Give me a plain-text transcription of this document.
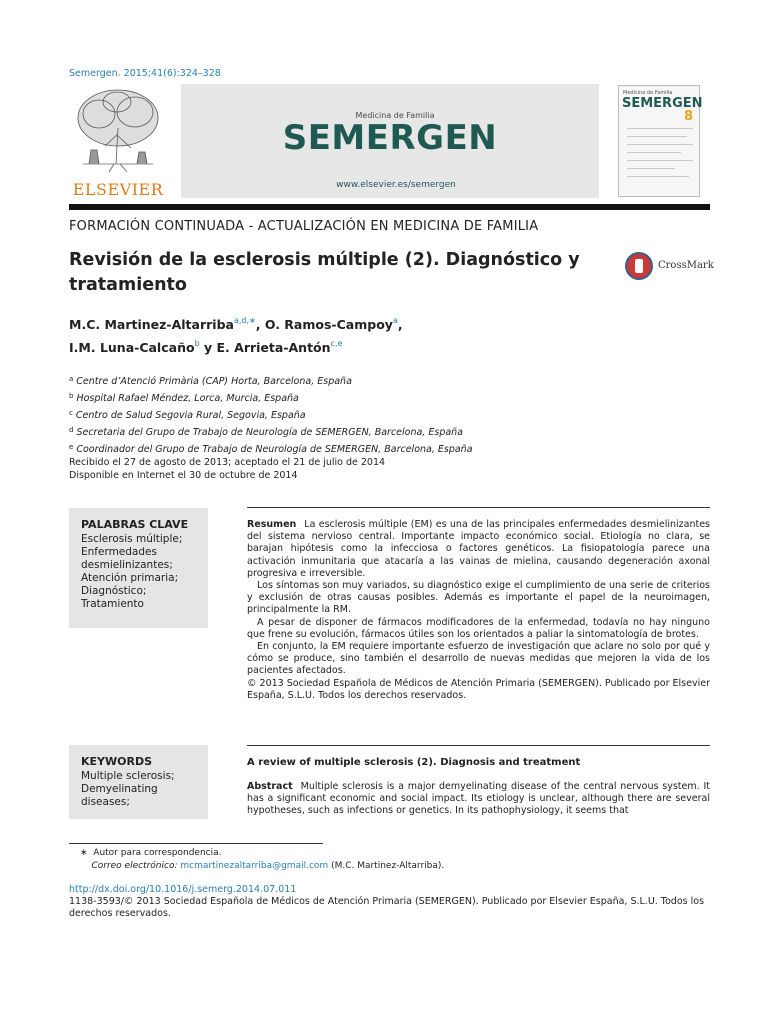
Semergen. 2015;41(6):324–328
ELSEVIER
Medicina de Familia
SEMERGEN
www.elsevier.es/semergen
Medicina de Familia
SEMERGEN
8
FORMACIÓN CONTINUADA - ACTUALIZACIÓN EN MEDICINA DE FAMILIA
Revisión de la esclerosis múltiple (2). Diagnóstico y tratamiento
CrossMark
M.C. Martinez-Altarriba$^{a,d,∗}$, O. Ramos-Campoy$^a$,
I.M. Luna-Calcaño$^b$ y E. Arrieta-Antón$^{c,e}$
$^a$ Centre d’Atenció Primària (CAP) Horta, Barcelona, España
$^b$ Hospital Rafael Méndez, Lorca, Murcia, España
$^c$ Centro de Salud Segovia Rural, Segovia, España
$^d$ Secretaria del Grupo de Trabajo de Neurología de SEMERGEN, Barcelona, España
$^e$ Coordinador del Grupo de Trabajo de Neurología de SEMERGEN, Barcelona, España
Recibido el 27 de agosto de 2013; aceptado el 21 de julio de 2014
Disponible en Internet el 30 de octubre de 2014
PALABRAS CLAVE
Esclerosis múltiple;
Enfermedades
desmielinizantes;
Atención primaria;
Diagnóstico;
Tratamiento

Resumen La esclerosis múltiple (EM) es una de las principales enfermedades desmielinizantes del sistema nervioso central. Importante impacto económico social. Etiología no clara, se barajan hipótesis como la infecciosa o factores genéticos. La fisiopatología parece una activación inmunitaria que atacaría a las vainas de mielina, causando degeneración axonal progresiva e irreversible.

Los síntomas son muy variados, su diagnóstico exige el cumplimiento de una serie de criterios y exclusión de otras causas posibles. Además es importante el papel de la neuroimagen, principalmente la RM.

A pesar de disponer de fármacos modificadores de la enfermedad, todavía no hay ninguno que frene su evolución, fármacos útiles son los orientados a paliar la sintomatología de brotes.

En conjunto, la EM requiere importante esfuerzo de investigación que aclare no solo por qué y cómo se produce, sino también el desarrollo de nuevas medidas que mejoren la vida de los pacientes afectados.

© 2013 Sociedad Española de Médicos de Atención Primaria (SEMERGEN). Publicado por Elsevier España, S.L.U. Todos los derechos reservados.

KEYWORDS
Multiple sclerosis;
Demyelinating
diseases;
A review of multiple sclerosis (2). Diagnosis and treatment

Abstract Multiple sclerosis is a major demyelinating disease of the central nervous system. It has a significant economic and social impact. Its etiology is unclear, although there are several hypotheses, such as infections or genetics. In its pathophysiology, it seems that

∗ Autor para correspondencia.
Correo electrónico: mcmartinezaltarriba@gmail.com (M.C. Martinez-Altarriba).
http://dx.doi.org/10.1016/j.semerg.2014.07.011
1138-3593/© 2013 Sociedad Española de Médicos de Atención Primaria (SEMERGEN). Publicado por Elsevier España, S.L.U. Todos los derechos reservados.
